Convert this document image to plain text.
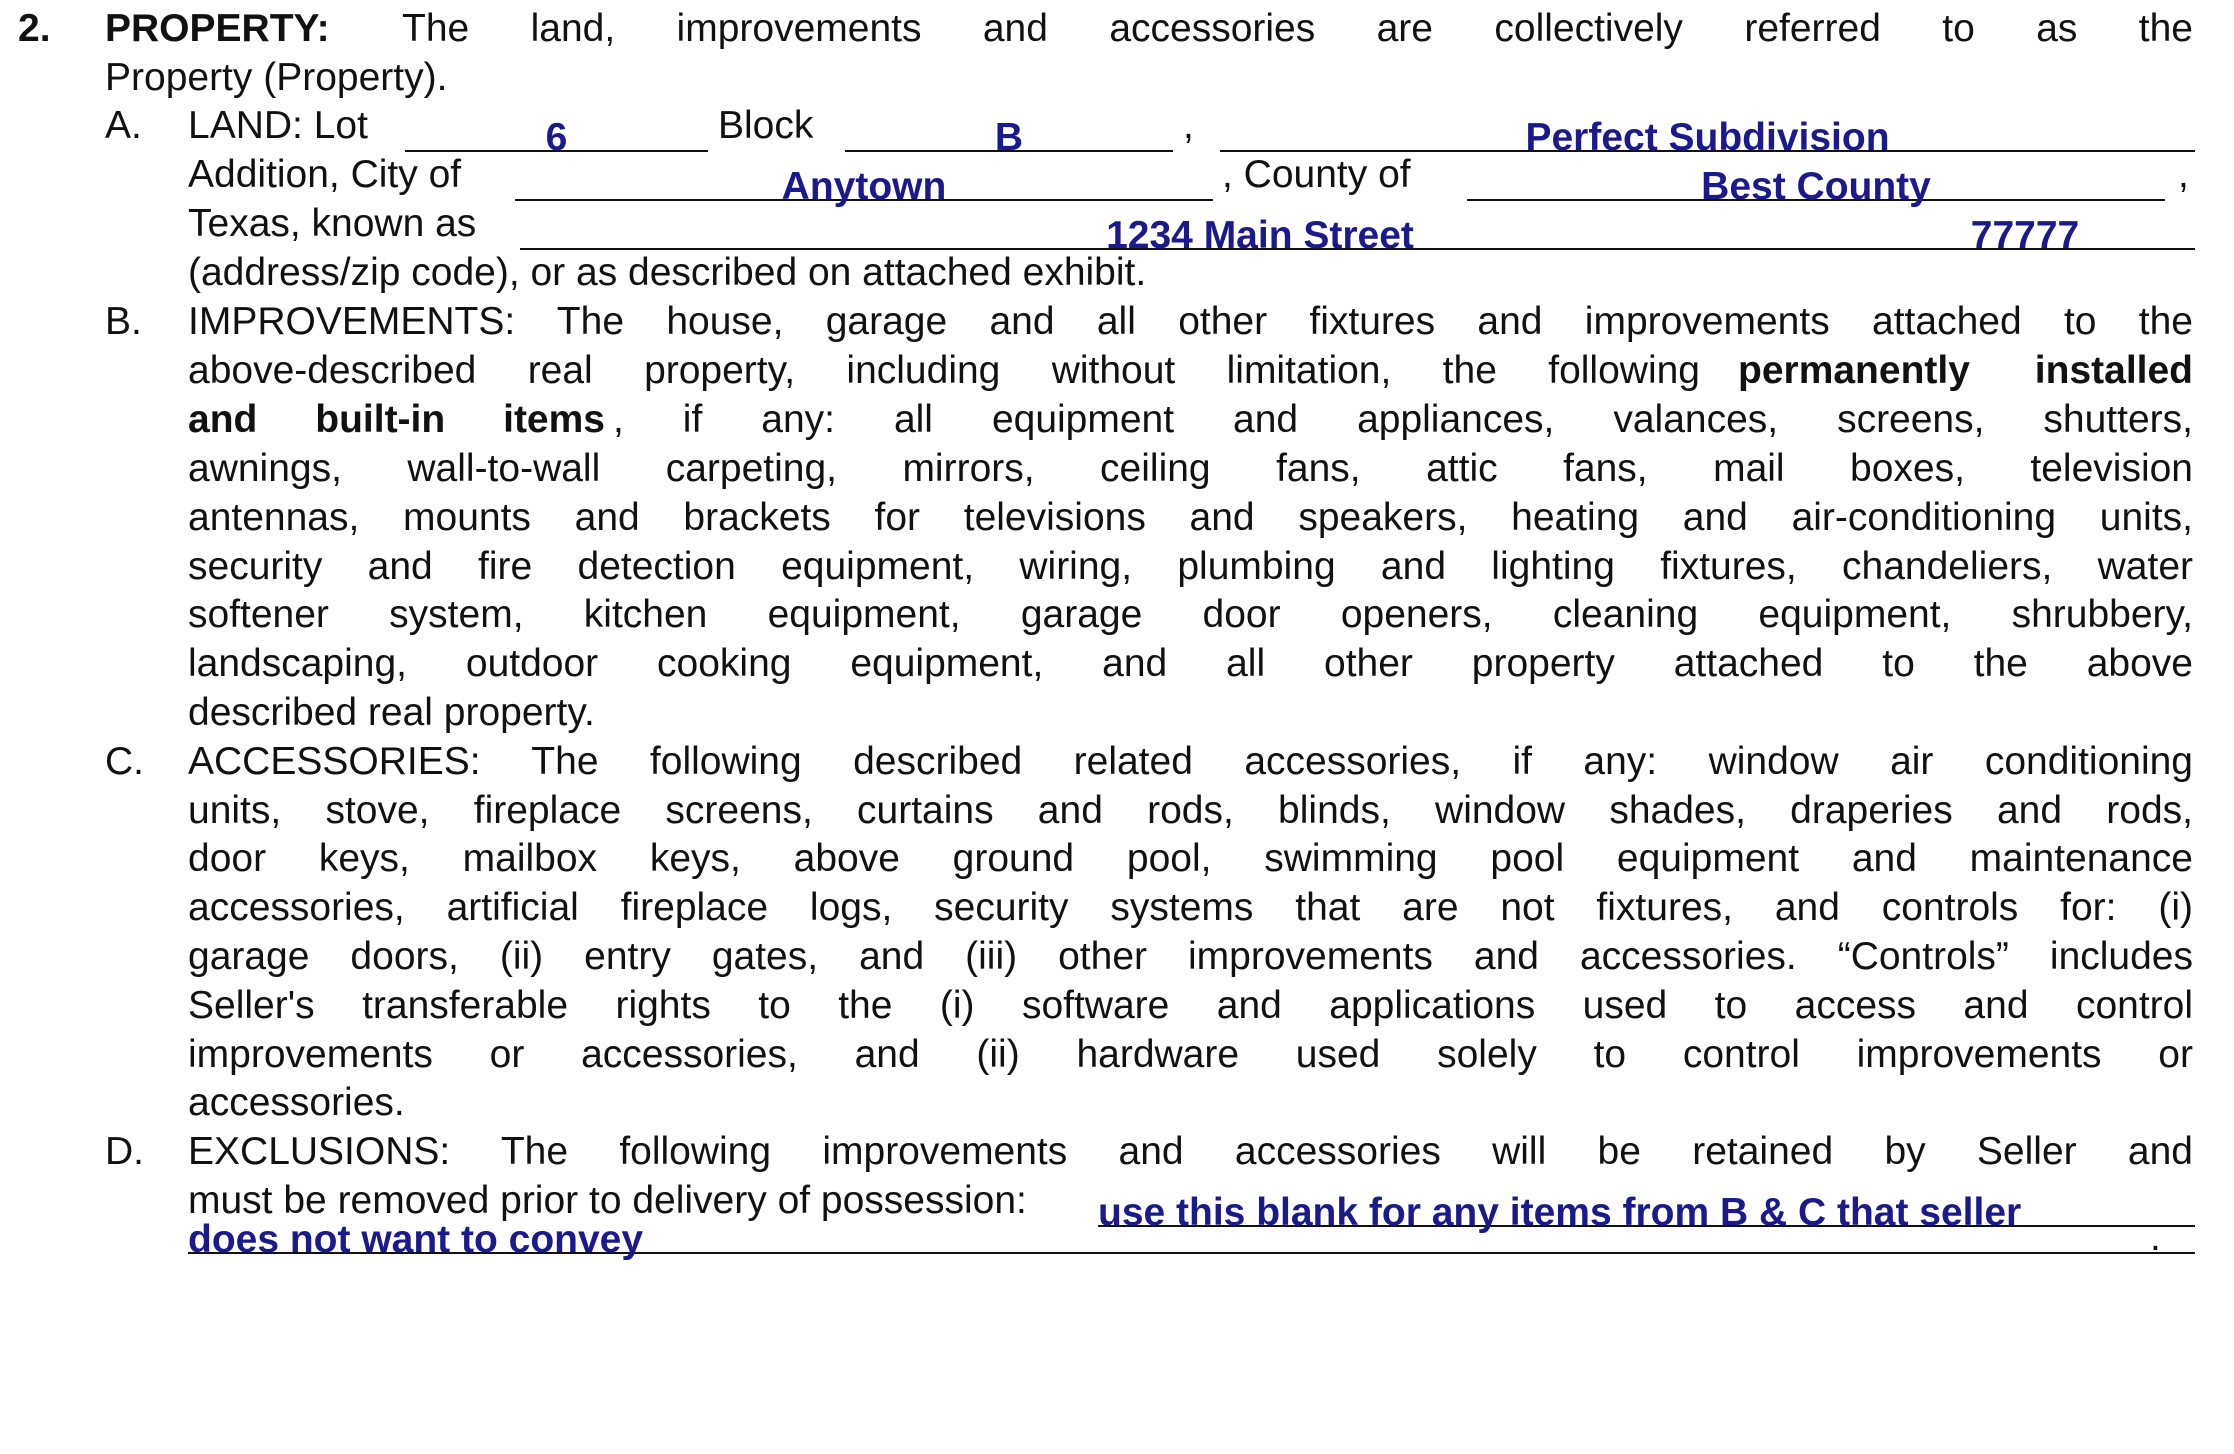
2.

PROPERTY:

The land, improvements and accessories are collectively referred to as the

Property (Property).

A.

LAND: Lot

	6

	Block

	B

	,

	Perfect Subdivision

Addition, City of

	Anytown

	, County of

	Best County

	,

Texas, known as

	1234 Main Street

	77777

(address/zip code), or as described on attached exhibit.

B.

IMPROVEMENTS: The house, garage and all other fixtures and improvements attached to the

above-described real property, including without limitation, the following

permanently installed

and built-in items

, if any: all equipment and appliances, valances, screens, shutters,

awnings, wall-to-wall carpeting, mirrors, ceiling fans, attic fans, mail boxes, television

antennas, mounts and brackets for televisions and speakers, heating and air-conditioning units,

security and fire detection equipment, wiring, plumbing and lighting fixtures, chandeliers, water

softener system, kitchen equipment, garage door openers, cleaning equipment, shrubbery,

landscaping, outdoor cooking equipment, and all other property attached to the above

described real property.

C.

ACCESSORIES: The following described related accessories, if any: window air conditioning

units, stove, fireplace screens, curtains and rods, blinds, window shades, draperies and rods,

door keys, mailbox keys, above ground pool, swimming pool equipment and maintenance

accessories, artificial fireplace logs, security systems that are not fixtures, and controls for: (i)

garage doors, (ii) entry gates, and (iii) other improvements and accessories. “Controls” includes

Seller's transferable rights to the (i) software and applications used to access and control

improvements or accessories, and (ii) hardware used solely to control improvements or

accessories.

D.

EXCLUSIONS: The following improvements and accessories will be retained by Seller and

must be removed prior to delivery of possession:

use this blank for any items from B & C that seller

does not want to convey

	.
